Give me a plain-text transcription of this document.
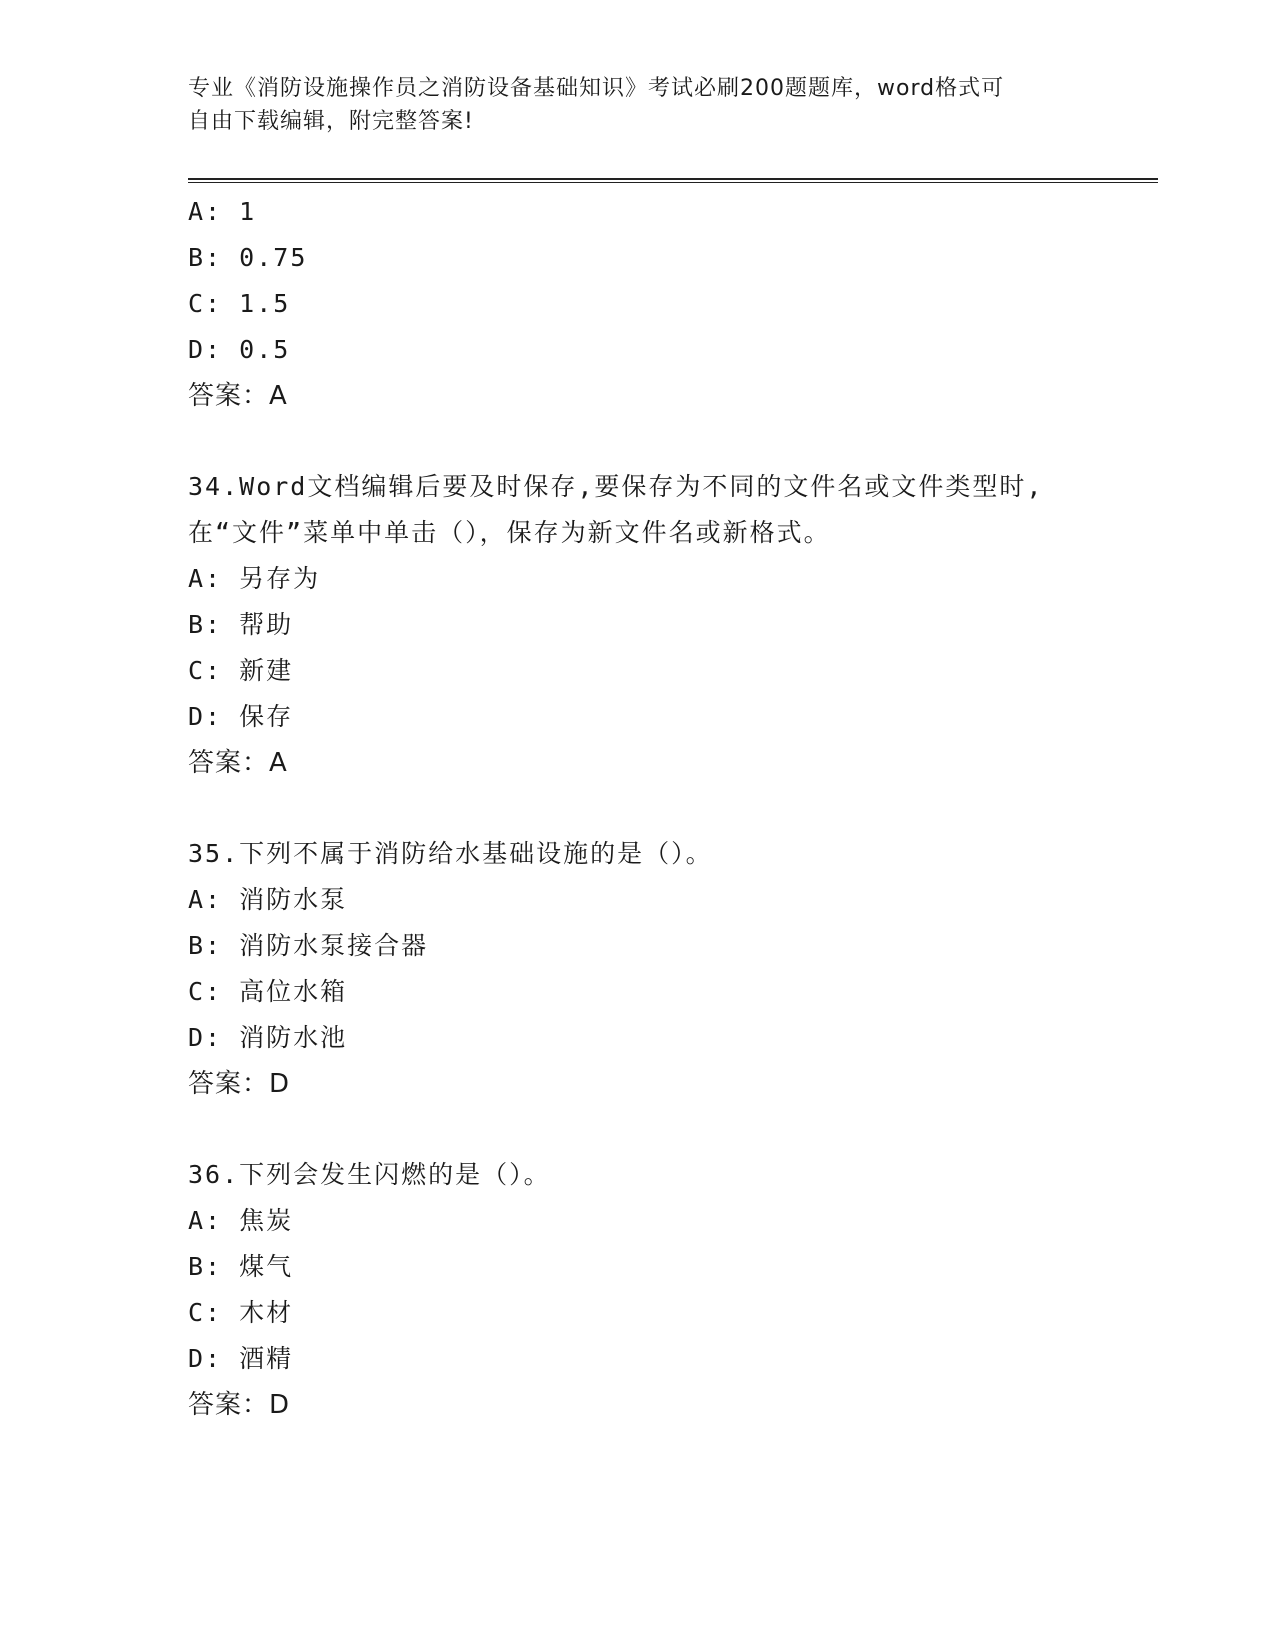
专业《消防设施操作员之消防设备基础知识》考试必刷200题题库，word格式可
自由下载编辑，附完整答案!
A: 1
B: 0.75
C: 1.5
D: 0.5
答案：A
34.Word文档编辑后要及时保存,要保存为不同的文件名或文件类型时,
在“文件”菜单中单击（），保存为新文件名或新格式。
A: 另存为
B: 帮助
C: 新建
D: 保存
答案：A
35.下列不属于消防给水基础设施的是（）。
A: 消防水泵
B: 消防水泵接合器
C: 高位水箱
D: 消防水池
答案：D
36.下列会发生闪燃的是（）。
A: 焦炭
B: 煤气
C: 木材
D: 酒精
答案：D
